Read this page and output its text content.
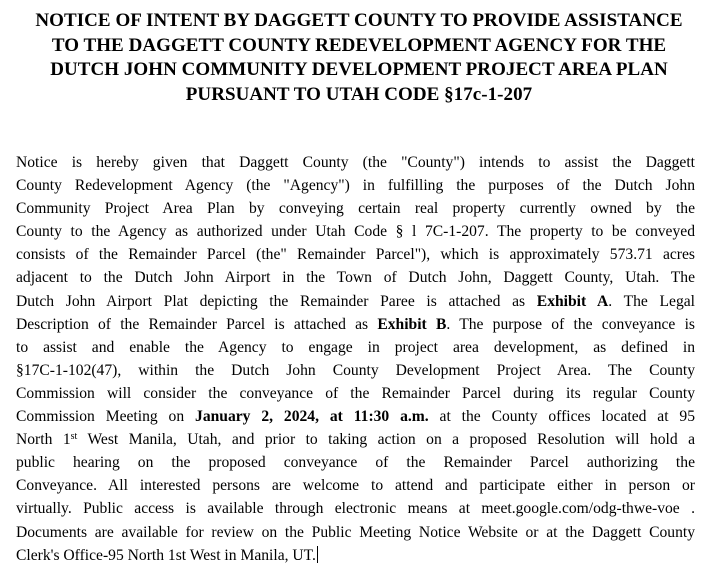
NOTICE OF INTENT BY DAGGETT COUNTY TO PROVIDE ASSISTANCE
TO THE DAGGETT COUNTY REDEVELOPMENT AGENCY FOR THE
DUTCH JOHN COMMUNITY DEVELOPMENT PROJECT AREA PLAN
PURSUANT TO UTAH CODE §17c-1-207
Notice is hereby given that Daggett County (the "County") intends to assist the Daggett
County Redevelopment Agency (the "Agency") in fulfilling the purposes of the Dutch John
Community Project Area Plan by conveying certain real property currently owned by the
County to the Agency as authorized under Utah Code § l 7C-1-207. The property to be conveyed
consists of the Remainder Parcel (the" Remainder Parcel"), which is approximately 573.71 acres
adjacent to the Dutch John Airport in the Town of Dutch John, Daggett County, Utah. The
Dutch John Airport Plat depicting the Remainder Paree is attached as Exhibit A. The Legal
Description of the Remainder Parcel is attached as Exhibit B. The purpose of the conveyance is
to assist and enable the Agency to engage in project area development, as defined in
§17C-1-102(47), within the Dutch John County Development Project Area. The County
Commission will consider the conveyance of the Remainder Parcel during its regular County
Commission Meeting on January 2, 2024, at 11:30 a.m. at the County offices located at 95
North 1st West Manila, Utah, and prior to taking action on a proposed Resolution will hold a
public hearing on the proposed conveyance of the Remainder Parcel authorizing the
Conveyance. All interested persons are welcome to attend and participate either in person or
virtually. Public access is available through electronic means at meet.google.com/odg-thwe-voe .
Documents are available for review on the Public Meeting Notice Website or at the Daggett County
Clerk's Office-95 North 1st West in Manila, UT.
